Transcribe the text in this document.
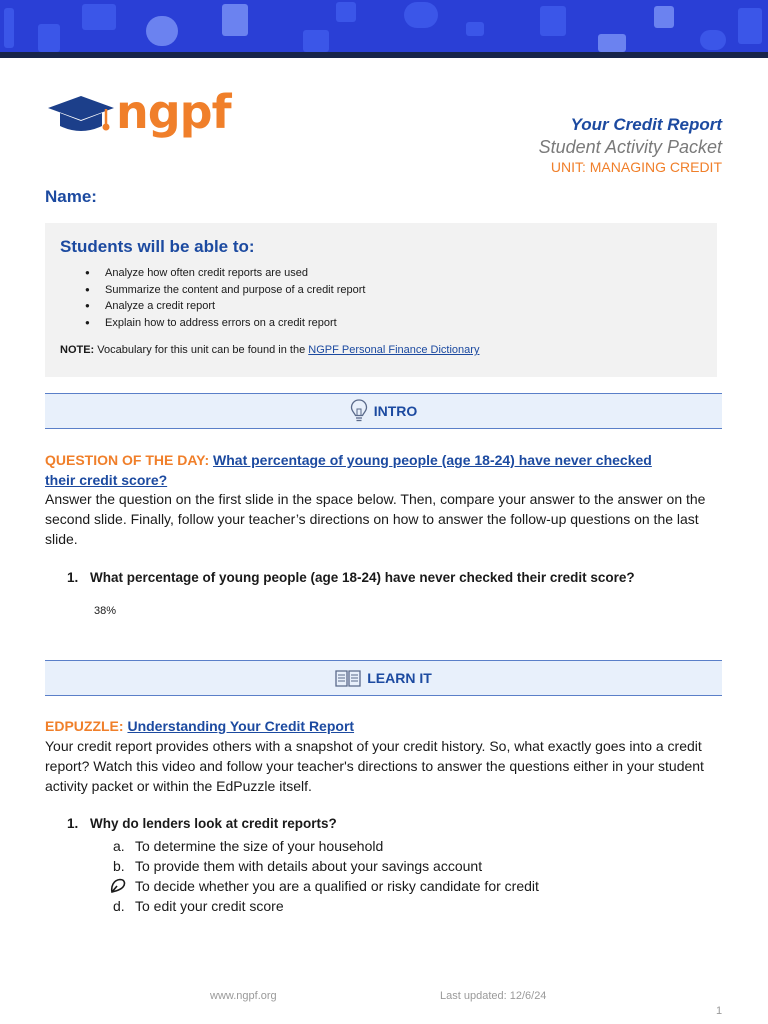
ngpf	Your Credit Report
Student Activity Packet
UNIT: MANAGING CREDIT
Name:
Students will be able to:
● Analyze how often credit reports are used
● Summarize the content and purpose of a credit report
● Analyze a credit report
● Explain how to address errors on a credit report
NOTE: Vocabulary for this unit can be found in the NGPF Personal Finance Dictionary
INTRO
QUESTION OF THE DAY: What percentage of young people (age 18-24) have never checked
their credit score?
Answer the question on the first slide in the space below. Then, compare your answer to the answer on the second slide. Finally, follow your teacher’s directions on how to answer the follow-up questions on the last slide.
1. What percentage of young people (age 18-24) have never checked their credit score?
38%
LEARN IT
EDPUZZLE: Understanding Your Credit Report
Your credit report provides others with a snapshot of your credit history. So, what exactly goes into a credit report? Watch this video and follow your teacher's directions to answer the questions either in your student activity packet or within the EdPuzzle itself.
1. Why do lenders look at credit reports?
a. To determine the size of your household
b. To provide them with details about your savings account
To decide whether you are a qualified or risky candidate for credit
d. To edit your credit score
www.ngpf.org	Last updated: 12/6/24
1
